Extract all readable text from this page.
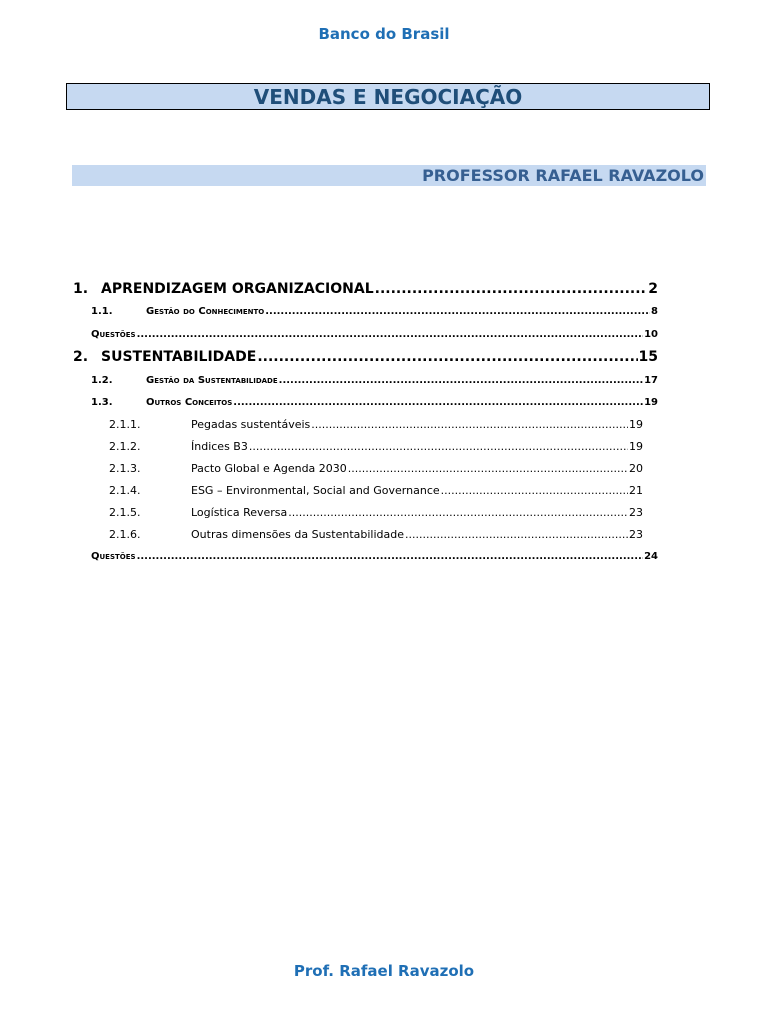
Banco do Brasil
VENDAS E NEGOCIAÇÃO
PROFESSOR RAFAEL RAVAZOLO
1. APRENDIZAGEM ORGANIZACIONAL .....	2
1.1.	Gestão do Conhecimento .....	8
Questões .....	10
2. SUSTENTABILIDADE .....	15
1.2.	Gestão da Sustentabilidade .....	17
1.3.	Outros Conceitos .....	19
2.1.1.	Pegadas sustentáveis .....	19
2.1.2.	Índices B3 .....	19
2.1.3.	Pacto Global e Agenda 2030 .....	20
2.1.4.	ESG – Environmental, Social and Governance .....	21
2.1.5.	Logística Reversa .....	23
2.1.6.	Outras dimensões da Sustentabilidade .....	23
Questões .....	24
Prof. Rafael Ravazolo
